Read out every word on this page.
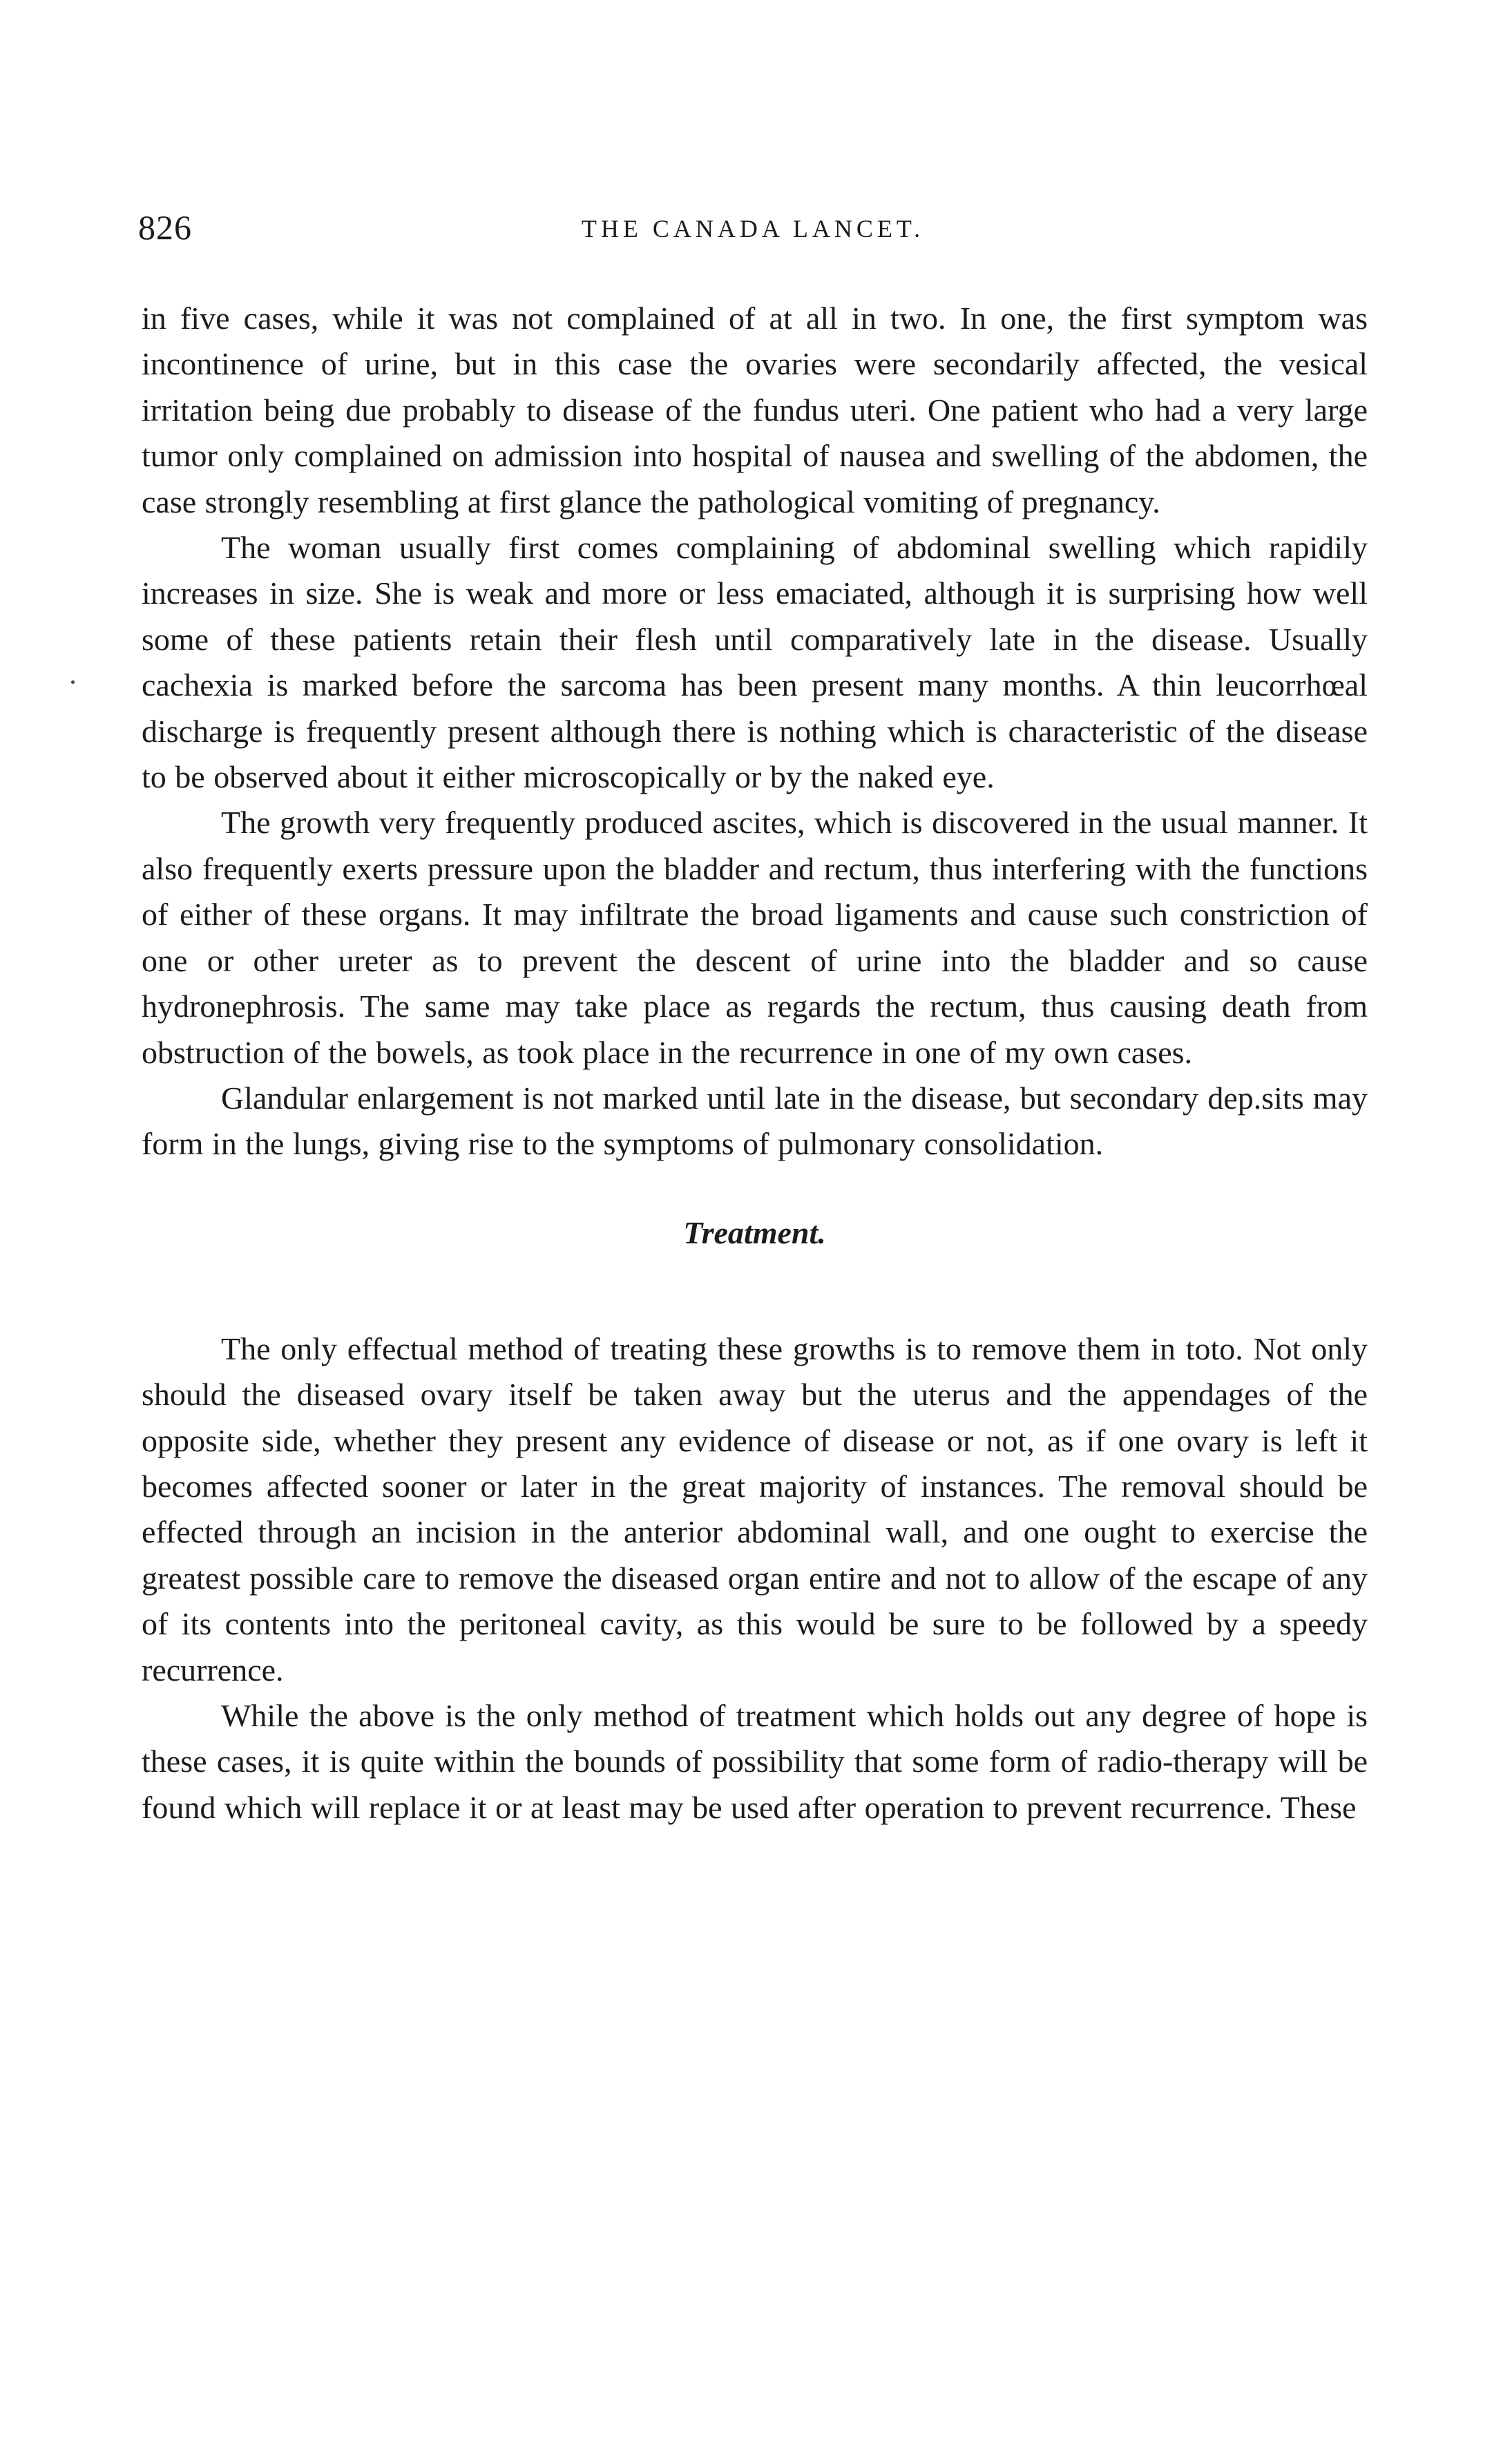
826	THE CANADA LANCET.

in five cases, while it was not complained of at all in two. In one, the first symptom was incontinence of urine, but in this case the ovaries were secondarily affected, the vesical irritation being due probably to disease of the fundus uteri. One patient who had a very large tumor only complained on admission into hospital of nausea and swelling of the abdomen, the case strongly resembling at first glance the pathological vomiting of pregnancy.

The woman usually first comes complaining of abdominal swelling which rapidily increases in size. She is weak and more or less emaciated, although it is surprising how well some of these patients retain their flesh until comparatively late in the disease. Usually cachexia is marked before the sarcoma has been present many months. A thin leucorrhœal discharge is frequently present although there is nothing which is characteristic of the disease to be observed about it either microscopically or by the naked eye.

The growth very frequently produced ascites, which is discovered in the usual manner. It also frequently exerts pressure upon the bladder and rectum, thus interfering with the functions of either of these organs. It may infiltrate the broad ligaments and cause such constriction of one or other ureter as to prevent the descent of urine into the bladder and so cause hydronephrosis. The same may take place as regards the rectum, thus causing death from obstruction of the bowels, as took place in the recurrence in one of my own cases.

Glandular enlargement is not marked until late in the disease, but secondary dep.sits may form in the lungs, giving rise to the symptoms of pulmonary consolidation.

Treatment.

The only effectual method of treating these growths is to remove them in toto. Not only should the diseased ovary itself be taken away but the uterus and the appendages of the opposite side, whether they present any evidence of disease or not, as if one ovary is left it becomes affected sooner or later in the great majority of instances. The removal should be effected through an incision in the anterior abdominal wall, and one ought to exercise the greatest possible care to remove the diseased organ entire and not to allow of the escape of any of its contents into the peritoneal cavity, as this would be sure to be followed by a speedy recurrence.

While the above is the only method of treatment which holds out any degree of hope is these cases, it is quite within the bounds of possibility that some form of radio-therapy will be found which will replace it or at least may be used after operation to prevent recurrence. These
